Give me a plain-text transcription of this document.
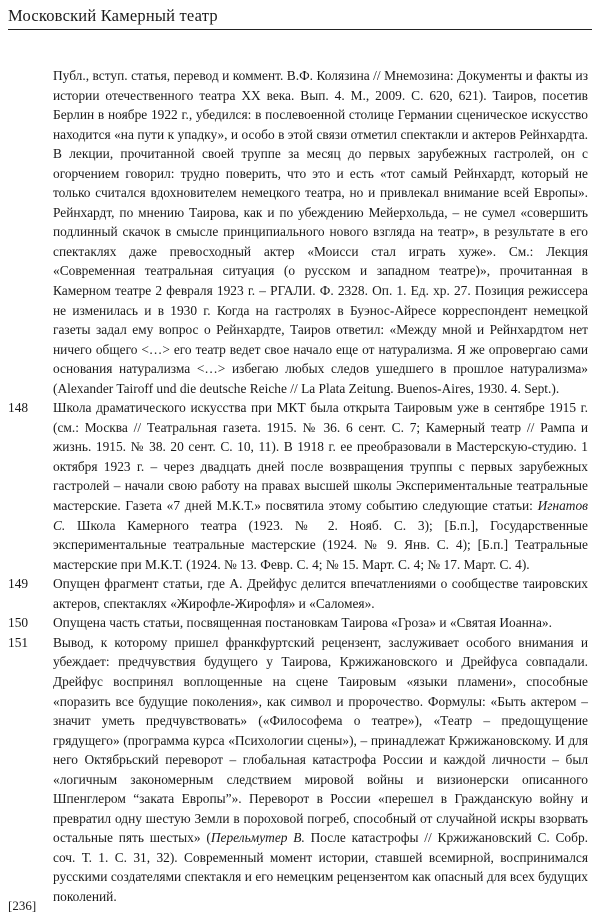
Московский Камерный театр

Публ., вступ. статья, перевод и коммент. В.Ф. Колязина // Мнемозина: Документы и факты из истории отечественного театра XX века. Вып. 4. М., 2009. С. 620, 621). Таиров, посетив Берлин в ноябре 1922 г., убедился: в послевоенной столице Германии сценическое искусство находится «на пути к упадку», и особо в этой связи отметил спектакли и актеров Рейнхардта. В лекции, прочитанной своей труппе за месяц до первых зарубежных гастролей, он с огорчением говорил: трудно поверить, что это и есть «тот самый Рейнхардт, который не только считался вдохновителем немецкого театра, но и привлекал внимание всей Европы». Рейнхардт, по мнению Таирова, как и по убеждению Мейерхольда, – не сумел «совершить подлинный скачок в смысле принципиального нового взгляда на театр», в результате в его спектаклях даже превосходный актер «Моисси стал играть хуже». См.: Лекция «Современная театральная ситуация (о русском и западном театре)», прочитанная в Камерном театре 2 февраля 1923 г. – РГАЛИ. Ф. 2328. Оп. 1. Ед. хр. 27. Позиция режиссера не изменилась и в 1930 г. Когда на гастролях в Буэнос-Айресе корреспондент немецкой газеты задал ему вопрос о Рейнхардте, Таиров ответил: «Между мной и Рейнхардтом нет ничего общего <…> его театр ведет свое начало еще от натурализма. Я же опровергаю сами основания натурализма <…> избегаю любых следов ушедшего в прошлое натурализма» (Alexander Tairoff und die deutsche Reiche // La Plata Zeitung. Buenos-Aires, 1930. 4. Sept.).

148 Школа драматического искусства при МКТ была открыта Таировым уже в сентябре 1915 г. (см.: Москва // Театральная газета. 1915. № 36. 6 сент. С. 7; Камерный театр // Рампа и жизнь. 1915. № 38. 20 сент. С. 10, 11). В 1918 г. ее преобразовали в Мастерскую-студию. 1 октября 1923 г. – через двадцать дней после возвращения труппы с первых зарубежных гастролей – начали свою работу на правах высшей школы Экспериментальные театральные мастерские. Газета «7 дней М.К.Т.» посвятила этому событию следующие статьи: Игнатов С. Школа Камерного театра (1923. № 2. Нояб. С. 3); [Б.п.], Государственные экспериментальные театральные мастерские (1924. № 9. Янв. С. 4); [Б.п.] Театральные мастерские при М.К.Т. (1924. № 13. Февр. С. 4; № 15. Март. С. 4; № 17. Март. С. 4).
149 Опущен фрагмент статьи, где А. Дрейфус делится впечатлениями о сообществе таировских актеров, спектаклях «Жирофле-Жирофля» и «Саломея».
150 Опущена часть статьи, посвященная постановкам Таирова «Гроза» и «Святая Иоанна».
151 Вывод, к которому пришел франкфуртский рецензент, заслуживает особого внимания и убеждает: предчувствия будущего у Таирова, Кржижановского и Дрейфуса совпадали. Дрейфус воспринял воплощенные на сцене Таировым «языки пламени», способные «поразить все будущие поколения», как символ и пророчество. Формулы: «Быть актером – значит уметь предчувствовать» («Философема о театре»), «Театр – предощущение грядущего» (программа курса «Психологии сцены»), – принадлежат Кржижановскому. И для него Октябрьский переворот – глобальная катастрофа России и каждой личности – был «логичным закономерным следствием мировой войны и визионерски описанного Шпенглером “заката Европы”». Переворот в России «перешел в Гражданскую войну и превратил одну шестую Земли в пороховой погреб, способный от случайной искры взорвать остальные пять шестых» (Перельмутер В. После катастрофы // Кржижановский С. Собр. соч. Т. 1. С. 31, 32). Современный момент истории, ставшей всемирной, воспринимался русскими создателями спектакля и его немецким рецензентом как опасный для всех будущих поколений.
[236]
